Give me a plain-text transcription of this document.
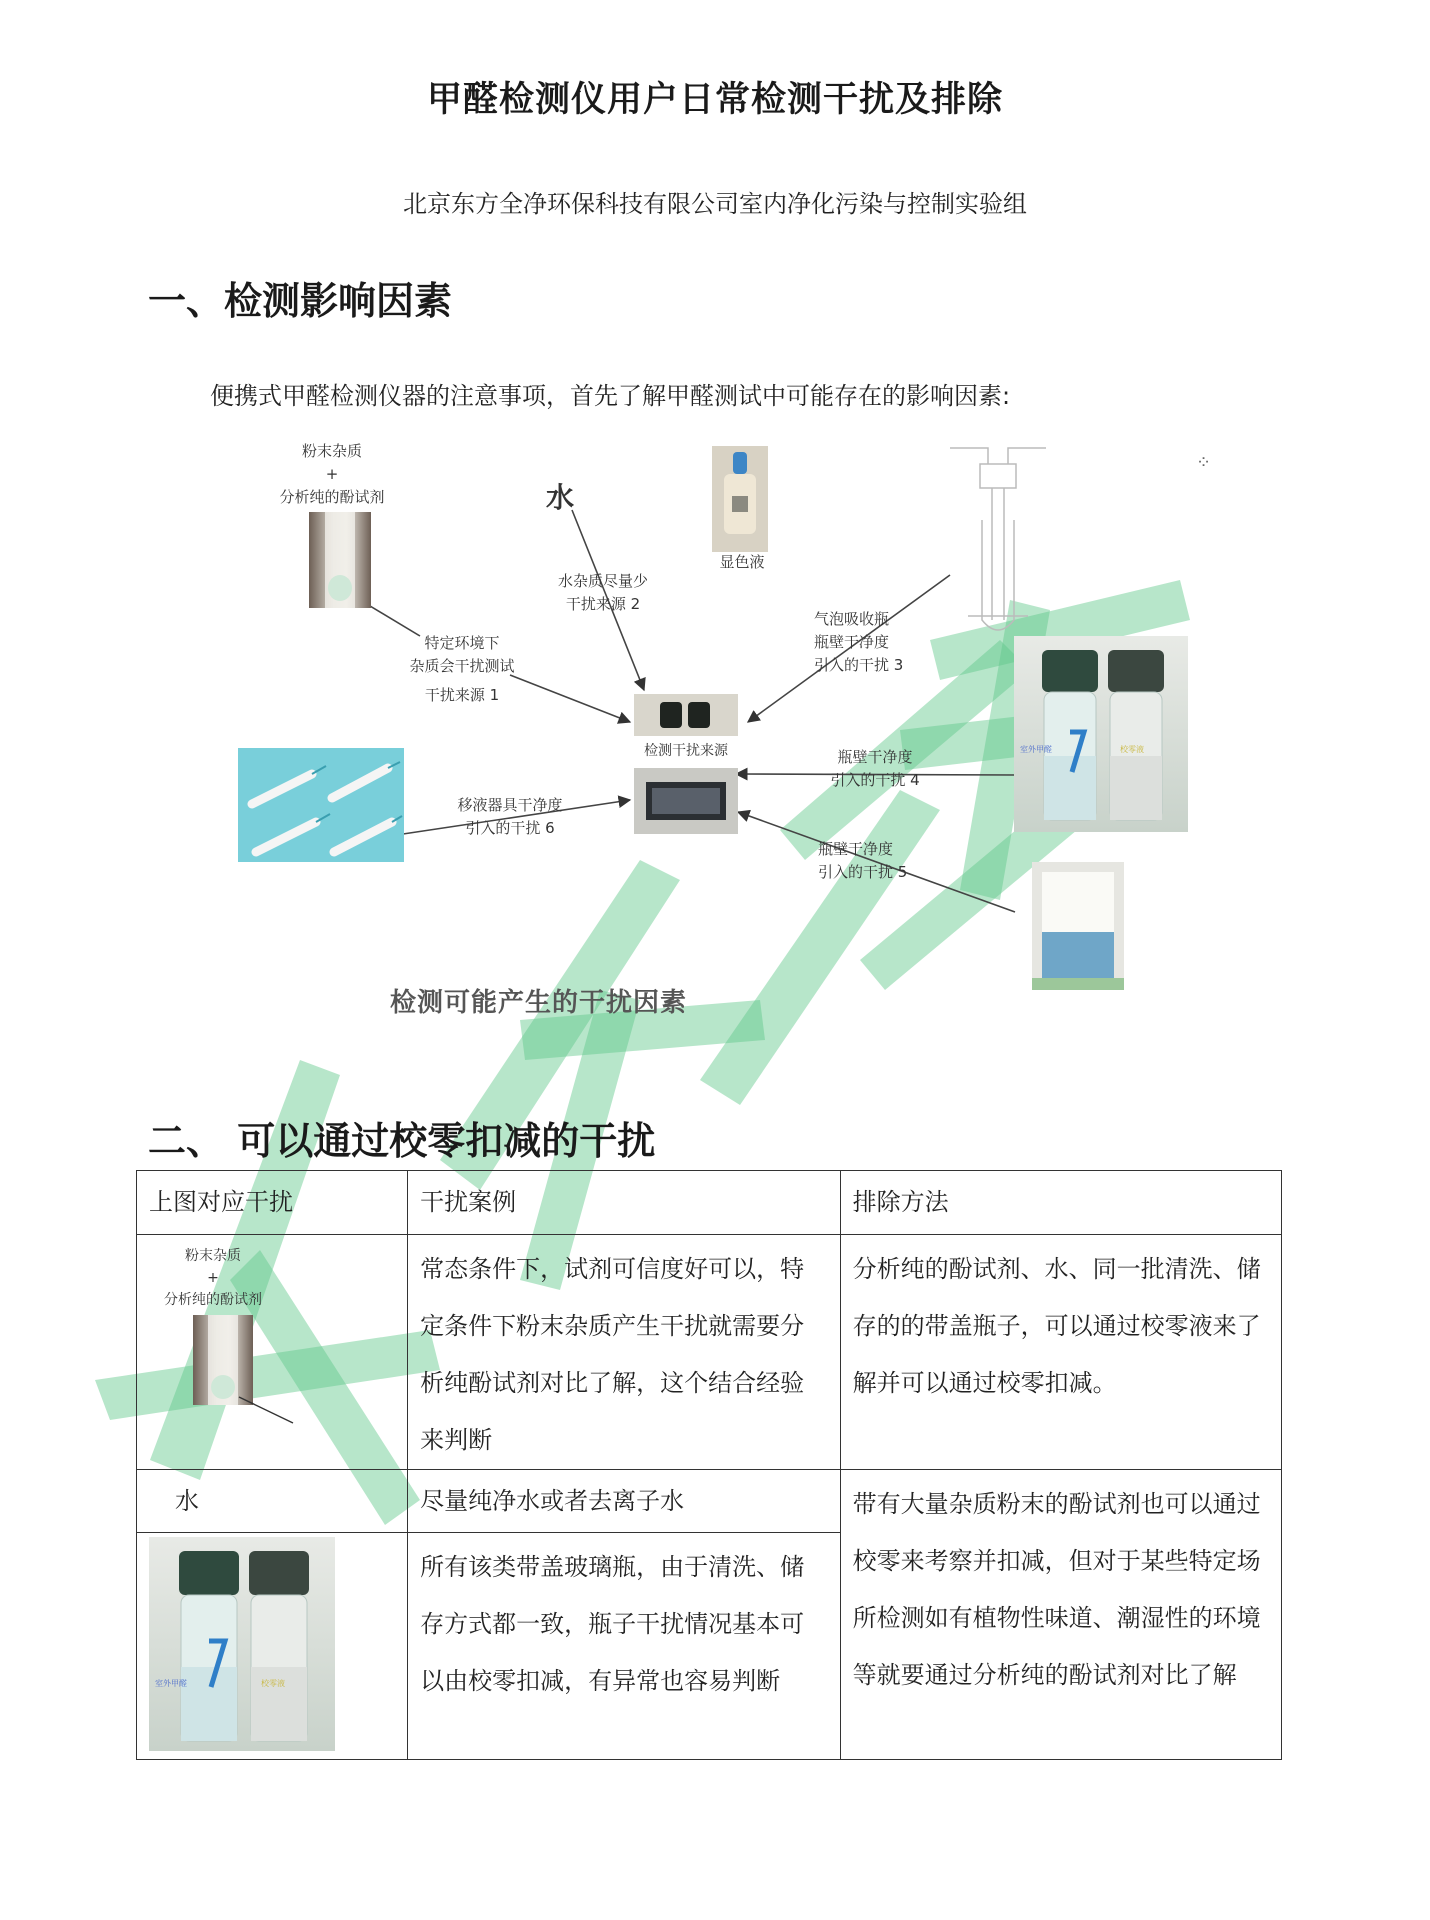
甲醛检测仪用户日常检测干扰及排除
北京东方全净环保科技有限公司室内净化污染与控制实验组
一、检测影响因素
便携式甲醛检测仪器的注意事项，首先了解甲醛测试中可能存在的影响因素:
粉末杂质
+
分析纯的酚试剂	水
水杂质尽量少
干扰来源 2
显色液
气泡吸收瓶
瓶壁干净度
引入的干扰 3
⁘
特定环境下
杂质会干扰测试
干扰来源 1
检测干扰来源	室外甲醛	校零液
瓶壁干净度
引入的干扰 4
移液器具干净度
引入的干扰 6
瓶壁干净度
引入的干扰 5
检测可能产生的干扰因素
二、 可以通过校零扣减的干扰
上图对应干扰	干扰案例	排除方法

粉末杂质
+
分析纯的酚试剂	常态条件下，试剂可信度好可以，特定条件下粉末杂质产生干扰就需要分析纯酚试剂对比了解，这个结合经验来判断	分析纯的酚试剂、水、同一批清洗、储存的的带盖瓶子，可以通过校零液来了解并可以通过校零扣减。

水	尽量纯净水或者去离子水	带有大量杂质粉末的酚试剂也可以通过校零来考察并扣减，但对于某些特定场所检测如有植物性味道、潮湿性的环境等就要通过分析纯的酚试剂对比了解

室外甲醛 校零液	所有该类带盖玻璃瓶，由于清洗、储存方式都一致，瓶子干扰情况基本可以由校零扣减，有异常也容易判断	
